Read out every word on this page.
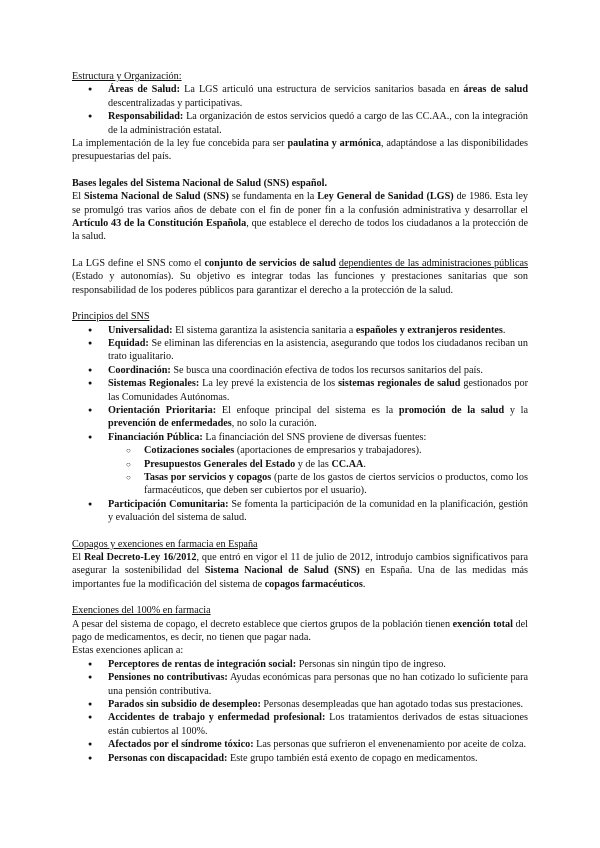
Estructura y Organización:

● Áreas de Salud: La LGS articuló una estructura de servicios sanitarios basada en áreas de salud descentralizadas y participativas.
● Responsabilidad: La organización de estos servicios quedó a cargo de las CC.AA., con la integración de la administración estatal.

La implementación de la ley fue concebida para ser paulatina y armónica, adaptándose a las disponibilidades presupuestarias del país.

Bases legales del Sistema Nacional de Salud (SNS) español.

El Sistema Nacional de Salud (SNS) se fundamenta en la Ley General de Sanidad (LGS) de 1986. Esta ley se promulgó tras varios años de debate con el fin de poner fin a la confusión administrativa y desarrollar el Artículo 43 de la Constitución Española, que establece el derecho de todos los ciudadanos a la protección de la salud.

La LGS define el SNS como el conjunto de servicios de salud dependientes de las administraciones públicas (Estado y autonomías). Su objetivo es integrar todas las funciones y prestaciones sanitarias que son responsabilidad de los poderes públicos para garantizar el derecho a la protección de la salud.

Principios del SNS

● Universalidad: El sistema garantiza la asistencia sanitaria a españoles y extranjeros residentes.
● Equidad: Se eliminan las diferencias en la asistencia, asegurando que todos los ciudadanos reciban un trato igualitario.
● Coordinación: Se busca una coordinación efectiva de todos los recursos sanitarios del país.
● Sistemas Regionales: La ley prevé la existencia de los sistemas regionales de salud gestionados por las Comunidades Autónomas.
● Orientación Prioritaria: El enfoque principal del sistema es la promoción de la salud y la prevención de enfermedades, no solo la curación.
● Financiación Pública: La financiación del SNS proviene de diversas fuentes:
○ Cotizaciones sociales (aportaciones de empresarios y trabajadores).
○ Presupuestos Generales del Estado y de las CC.AA.
○ Tasas por servicios y copagos (parte de los gastos de ciertos servicios o productos, como los farmacéuticos, que deben ser cubiertos por el usuario).
● Participación Comunitaria: Se fomenta la participación de la comunidad en la planificación, gestión y evaluación del sistema de salud.

Copagos y exenciones en farmacia en España

El Real Decreto-Ley 16/2012, que entró en vigor el 11 de julio de 2012, introdujo cambios significativos para asegurar la sostenibilidad del Sistema Nacional de Salud (SNS) en España. Una de las medidas más importantes fue la modificación del sistema de copagos farmacéuticos.

Exenciones del 100% en farmacia

A pesar del sistema de copago, el decreto establece que ciertos grupos de la población tienen exención total del pago de medicamentos, es decir, no tienen que pagar nada.

Estas exenciones aplican a:

● Perceptores de rentas de integración social: Personas sin ningún tipo de ingreso.
● Pensiones no contributivas: Ayudas económicas para personas que no han cotizado lo suficiente para una pensión contributiva.
● Parados sin subsidio de desempleo: Personas desempleadas que han agotado todas sus prestaciones.
● Accidentes de trabajo y enfermedad profesional: Los tratamientos derivados de estas situaciones están cubiertos al 100%.
● Afectados por el síndrome tóxico: Las personas que sufrieron el envenenamiento por aceite de colza.
● Personas con discapacidad: Este grupo también está exento de copago en medicamentos.
